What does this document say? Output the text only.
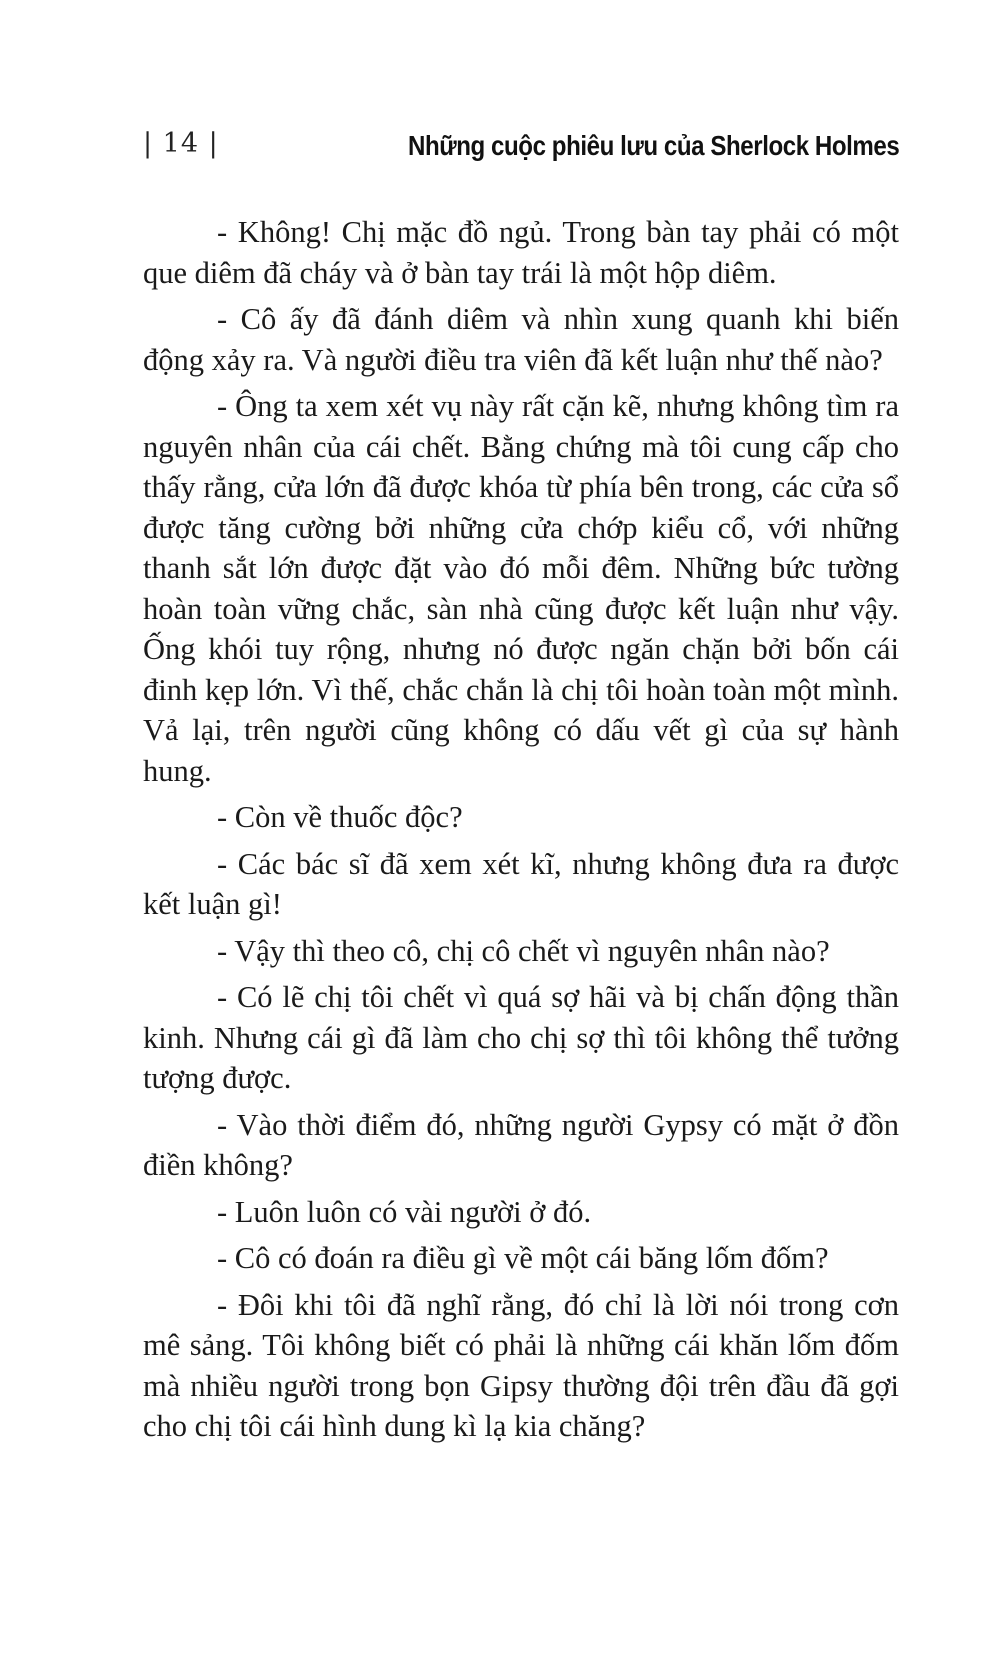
| 14 |	Những cuộc phiêu lưu của Sherlock Holmes

- Không! Chị mặc đồ ngủ. Trong bàn tay phải có một que diêm đã cháy và ở bàn tay trái là một hộp diêm.

- Cô ấy đã đánh diêm và nhìn xung quanh khi biến động xảy ra. Và người điều tra viên đã kết luận như thế nào?

- Ông ta xem xét vụ này rất cặn kẽ, nhưng không tìm ra nguyên nhân của cái chết. Bằng chứng mà tôi cung cấp cho thấy rằng, cửa lớn đã được khóa từ phía bên trong, các cửa sổ được tăng cường bởi những cửa chớp kiểu cổ, với những thanh sắt lớn được đặt vào đó mỗi đêm. Những bức tường hoàn toàn vững chắc, sàn nhà cũng được kết luận như vậy. Ống khói tuy rộng, nhưng nó được ngăn chặn bởi bốn cái đinh kẹp lớn. Vì thế, chắc chắn là chị tôi hoàn toàn một mình. Vả lại, trên người cũng không có dấu vết gì của sự hành hung.

- Còn về thuốc độc?

- Các bác sĩ đã xem xét kĩ, nhưng không đưa ra được kết luận gì!

- Vậy thì theo cô, chị cô chết vì nguyên nhân nào?

- Có lẽ chị tôi chết vì quá sợ hãi và bị chấn động thần kinh. Nhưng cái gì đã làm cho chị sợ thì tôi không thể tưởng tượng được.

- Vào thời điểm đó, những người Gypsy có mặt ở đồn điền không?

- Luôn luôn có vài người ở đó.

- Cô có đoán ra điều gì về một cái băng lốm đốm?

- Đôi khi tôi đã nghĩ rằng, đó chỉ là lời nói trong cơn mê sảng. Tôi không biết có phải là những cái khăn lốm đốm mà nhiều người trong bọn Gipsy thường đội trên đầu đã gợi cho chị tôi cái hình dung kì lạ kia chăng?
